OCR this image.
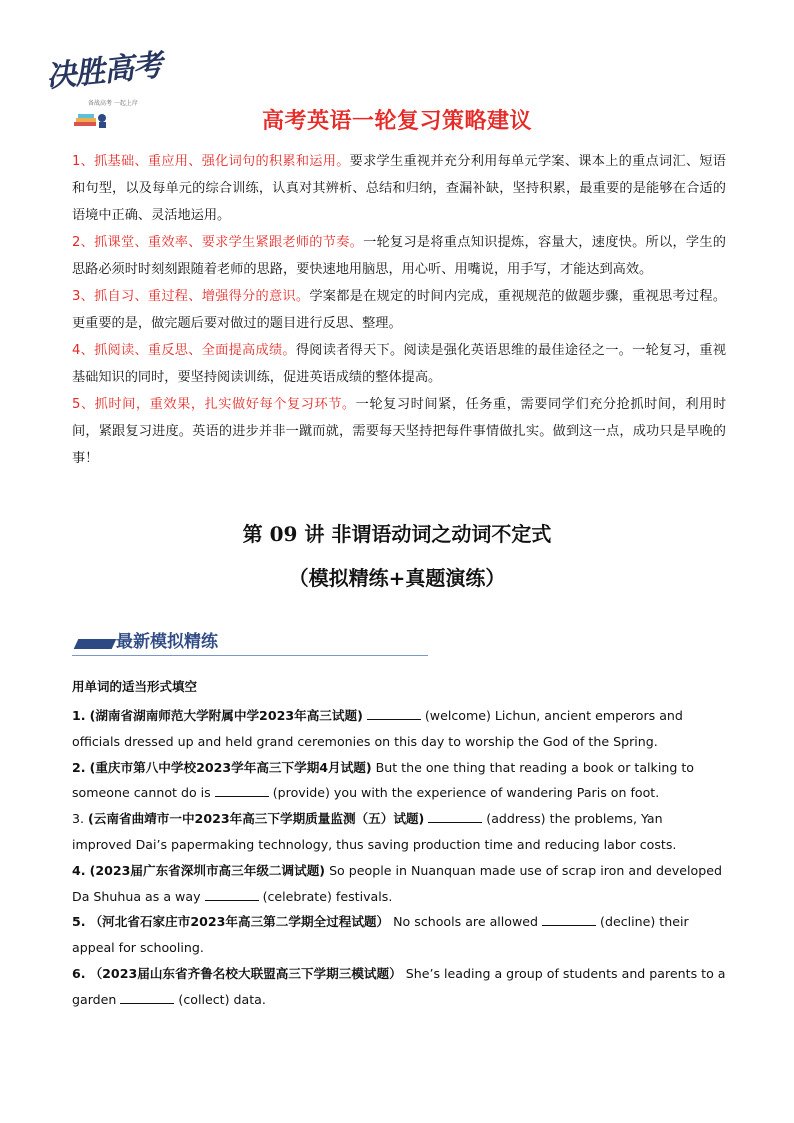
决胜高考
备战高考 一起上岸
高考英语一轮复习策略建议

1、抓基础、重应用、强化词句的积累和运用。要求学生重视并充分利用每单元学案、课本上的重点词汇、短语和句型，以及每单元的综合训练，认真对其辨析、总结和归纳，查漏补缺，坚持积累，最重要的是能够在合适的语境中正确、灵活地运用。

2、抓课堂、重效率、要求学生紧跟老师的节奏。一轮复习是将重点知识提炼，容量大，速度快。所以，学生的思路必须时时刻刻跟随着老师的思路，要快速地用脑思，用心听、用嘴说，用手写，才能达到高效。

3、抓自习、重过程、增强得分的意识。学案都是在规定的时间内完成，重视规范的做题步骤，重视思考过程。更重要的是，做完题后要对做过的题目进行反思、整理。

4、抓阅读、重反思、全面提高成绩。得阅读者得天下。阅读是强化英语思维的最佳途径之一。一轮复习，重视基础知识的同时，要坚持阅读训练，促进英语成绩的整体提高。

5、抓时间，重效果，扎实做好每个复习环节。一轮复习时间紧，任务重，需要同学们充分抢抓时间，利用时间，紧跟复习进度。英语的进步并非一蹴而就，需要每天坚持把每件事情做扎实。做到这一点，成功只是早晚的事！

第 09 讲 非谓语动词之动词不定式
（模拟精练+真题演练）
最新模拟精练

用单词的适当形式填空

1. (湖南省湖南师范大学附属中学2023年高三试题)	(welcome) Lichun, ancient emperors and officials dressed up and held grand ceremonies on this day to worship the God of the Spring.

2. (重庆市第八中学校2023学年高三下学期4月试题) But the one thing that reading a book or talking to someone cannot do is	(provide) you with the experience of wandering Paris on foot.

3. (云南省曲靖市一中2023年高三下学期质量监测（五）试题)	(address) the problems, Yan improved Dai’s papermaking technology, thus saving production time and reducing labor costs.

4. (2023届广东省深圳市高三年级二调试题) So people in Nuanquan made use of scrap iron and developed Da Shuhua as a way	(celebrate) festivals.

5. （河北省石家庄市2023年高三第二学期全过程试题） No schools are allowed	(decline) their appeal for schooling.

6. （2023届山东省齐鲁名校大联盟高三下学期三模试题） She’s leading a group of students and parents to a garden	(collect) data.
